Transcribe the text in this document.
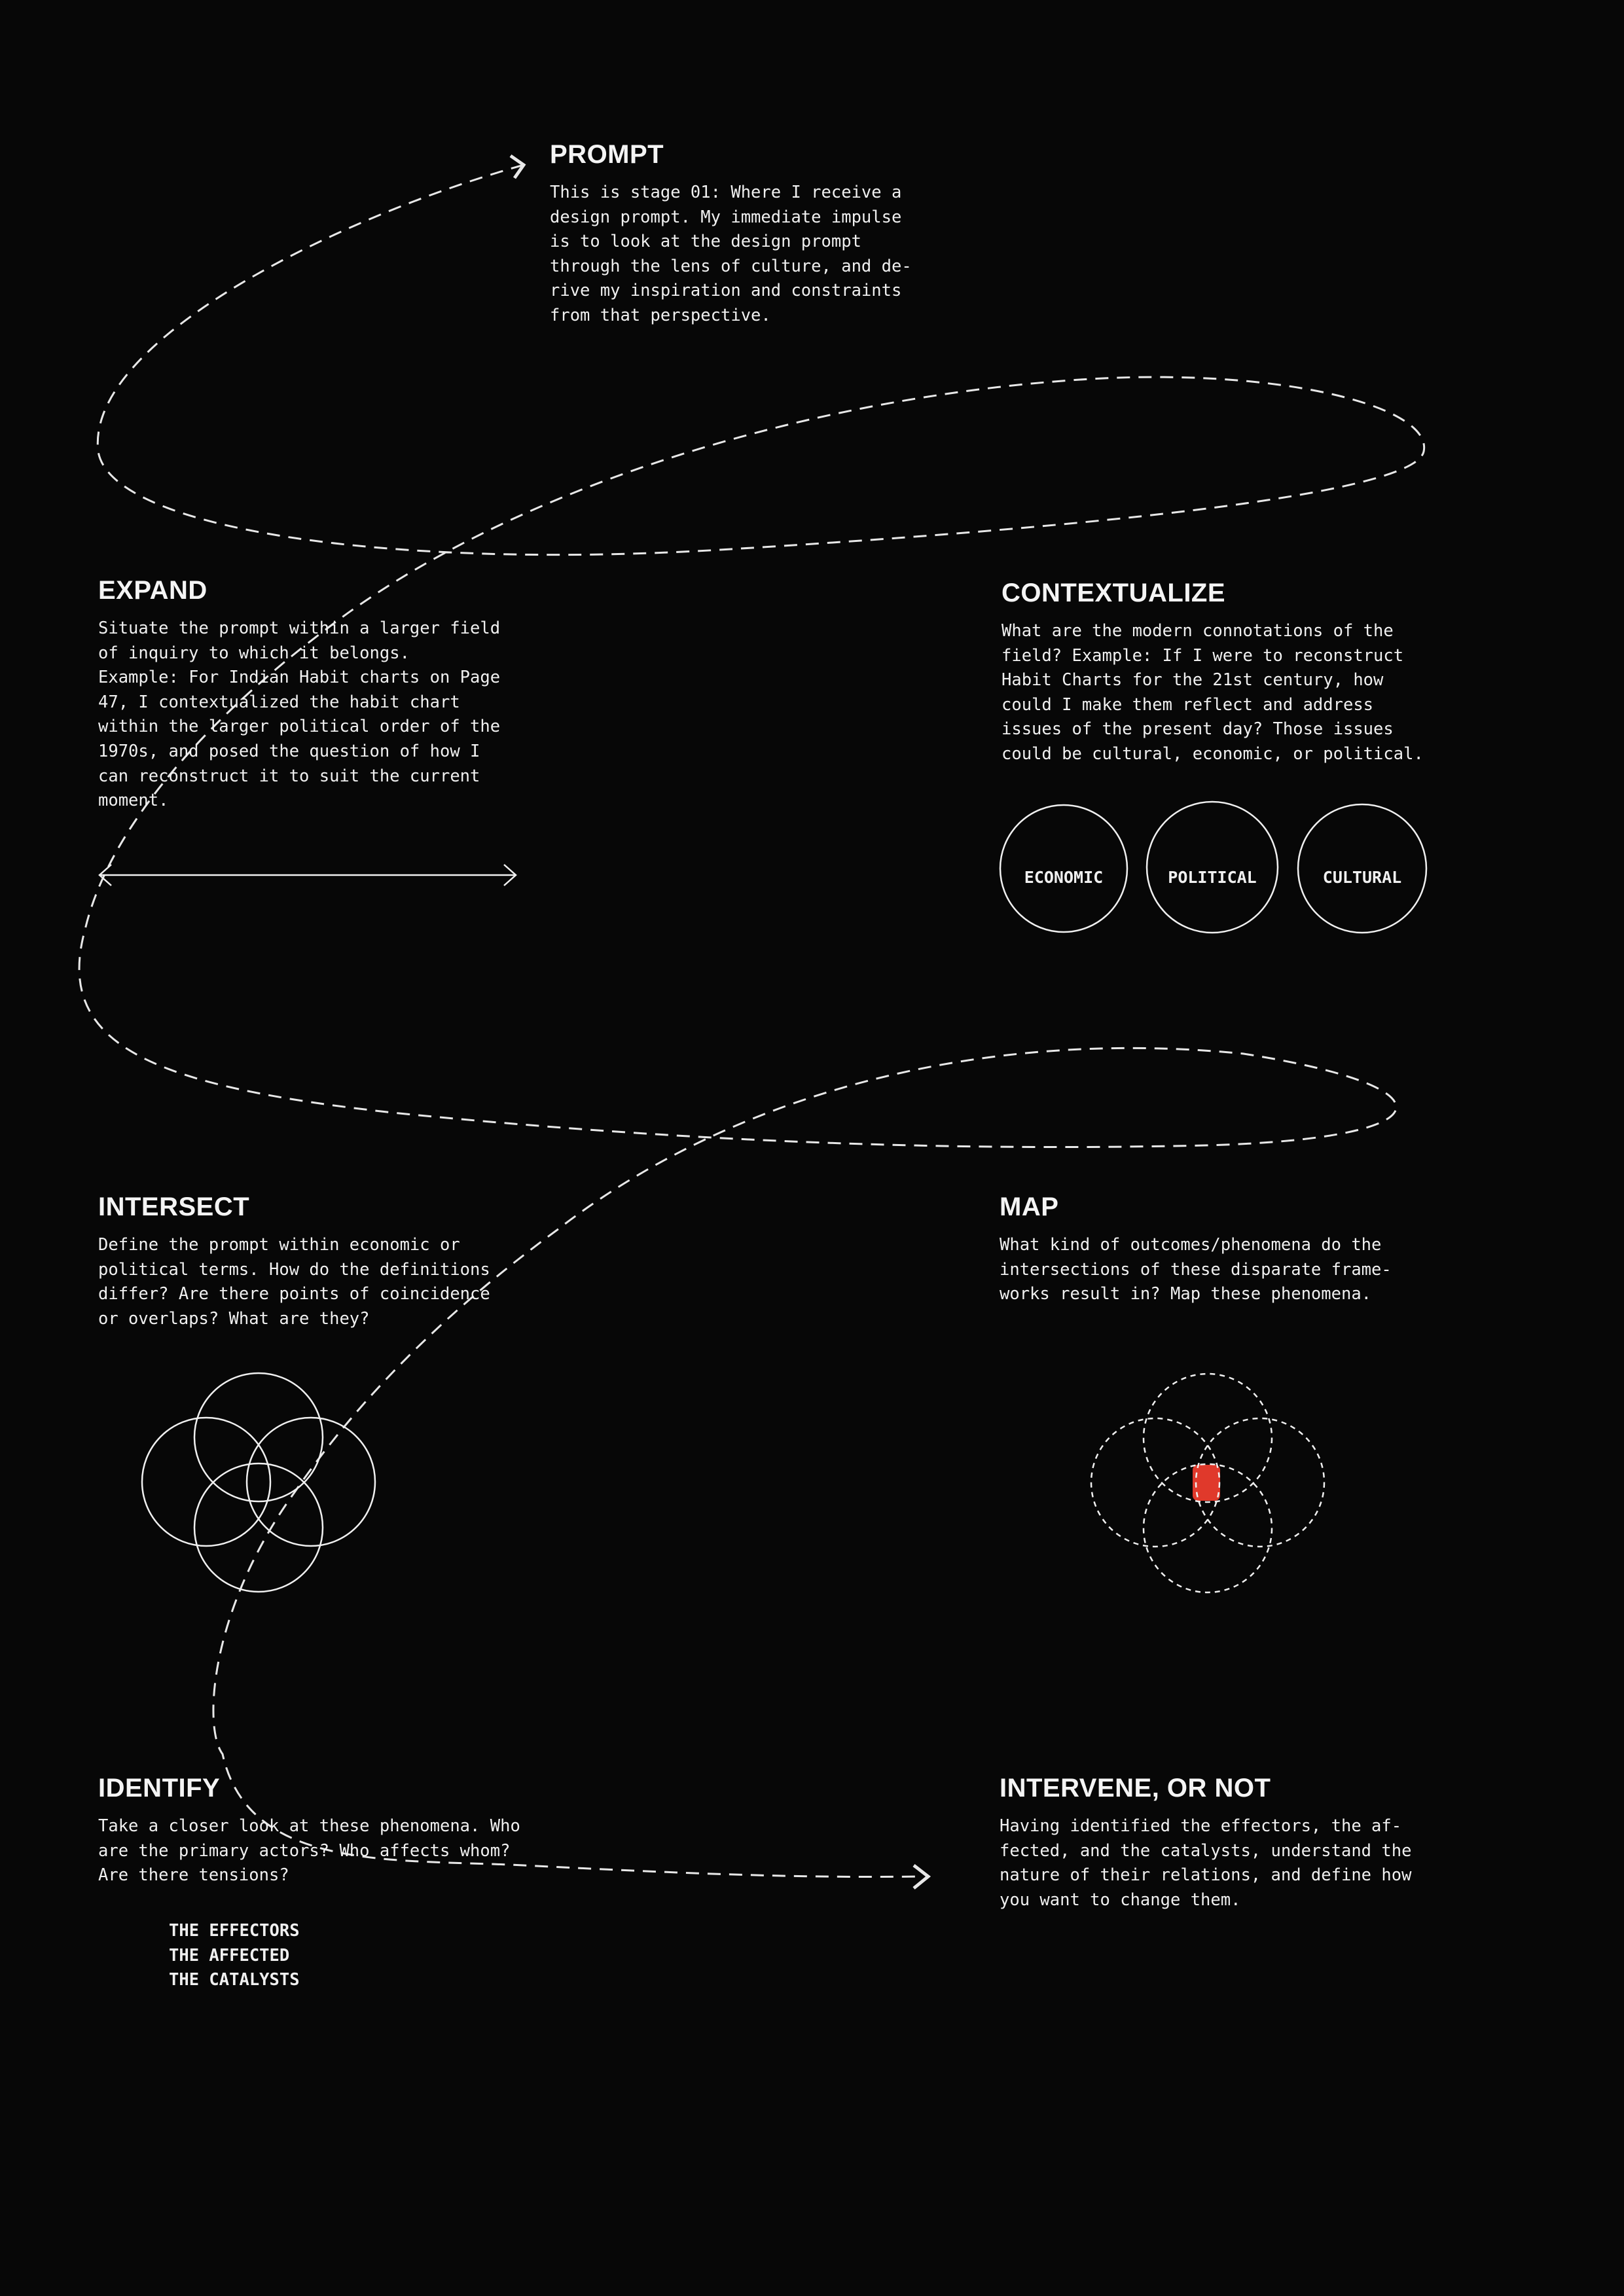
ECONOMIC	POLITICAL	CULTURAL
PROMPT

This is stage 01: Where I receive a
design prompt. My immediate impulse
is to look at the design prompt
through the lens of culture, and de-
rive my inspiration and constraints
from that perspective.

EXPAND

Situate the prompt within a larger field
of inquiry to which it belongs.
Example: For Indian Habit charts on Page
47, I contextualized the habit chart
within the larger political order of the
1970s, and posed the question of how I
can reconstruct it to suit the current
moment.

CONTEXTUALIZE

What are the modern connotations of the
field? Example: If I were to reconstruct
Habit Charts for the 21st century, how
could I make them reflect and address
issues of the present day? Those issues
could be cultural, economic, or political.

INTERSECT

Define the prompt within economic or
political terms. How do the definitions
differ? Are there points of coincidence
or overlaps? What are they?

MAP

What kind of outcomes/phenomena do the
intersections of these disparate frame-
works result in? Map these phenomena.

IDENTIFY

Take a closer look at these phenomena. Who
are the primary actors? Who affects whom?
Are there tensions?

THE EFFECTORS
THE AFFECTED
THE CATALYSTS
INTERVENE, OR NOT

Having identified the effectors, the af-
fected, and the catalysts, understand the
nature of their relations, and define how
you want to change them.
